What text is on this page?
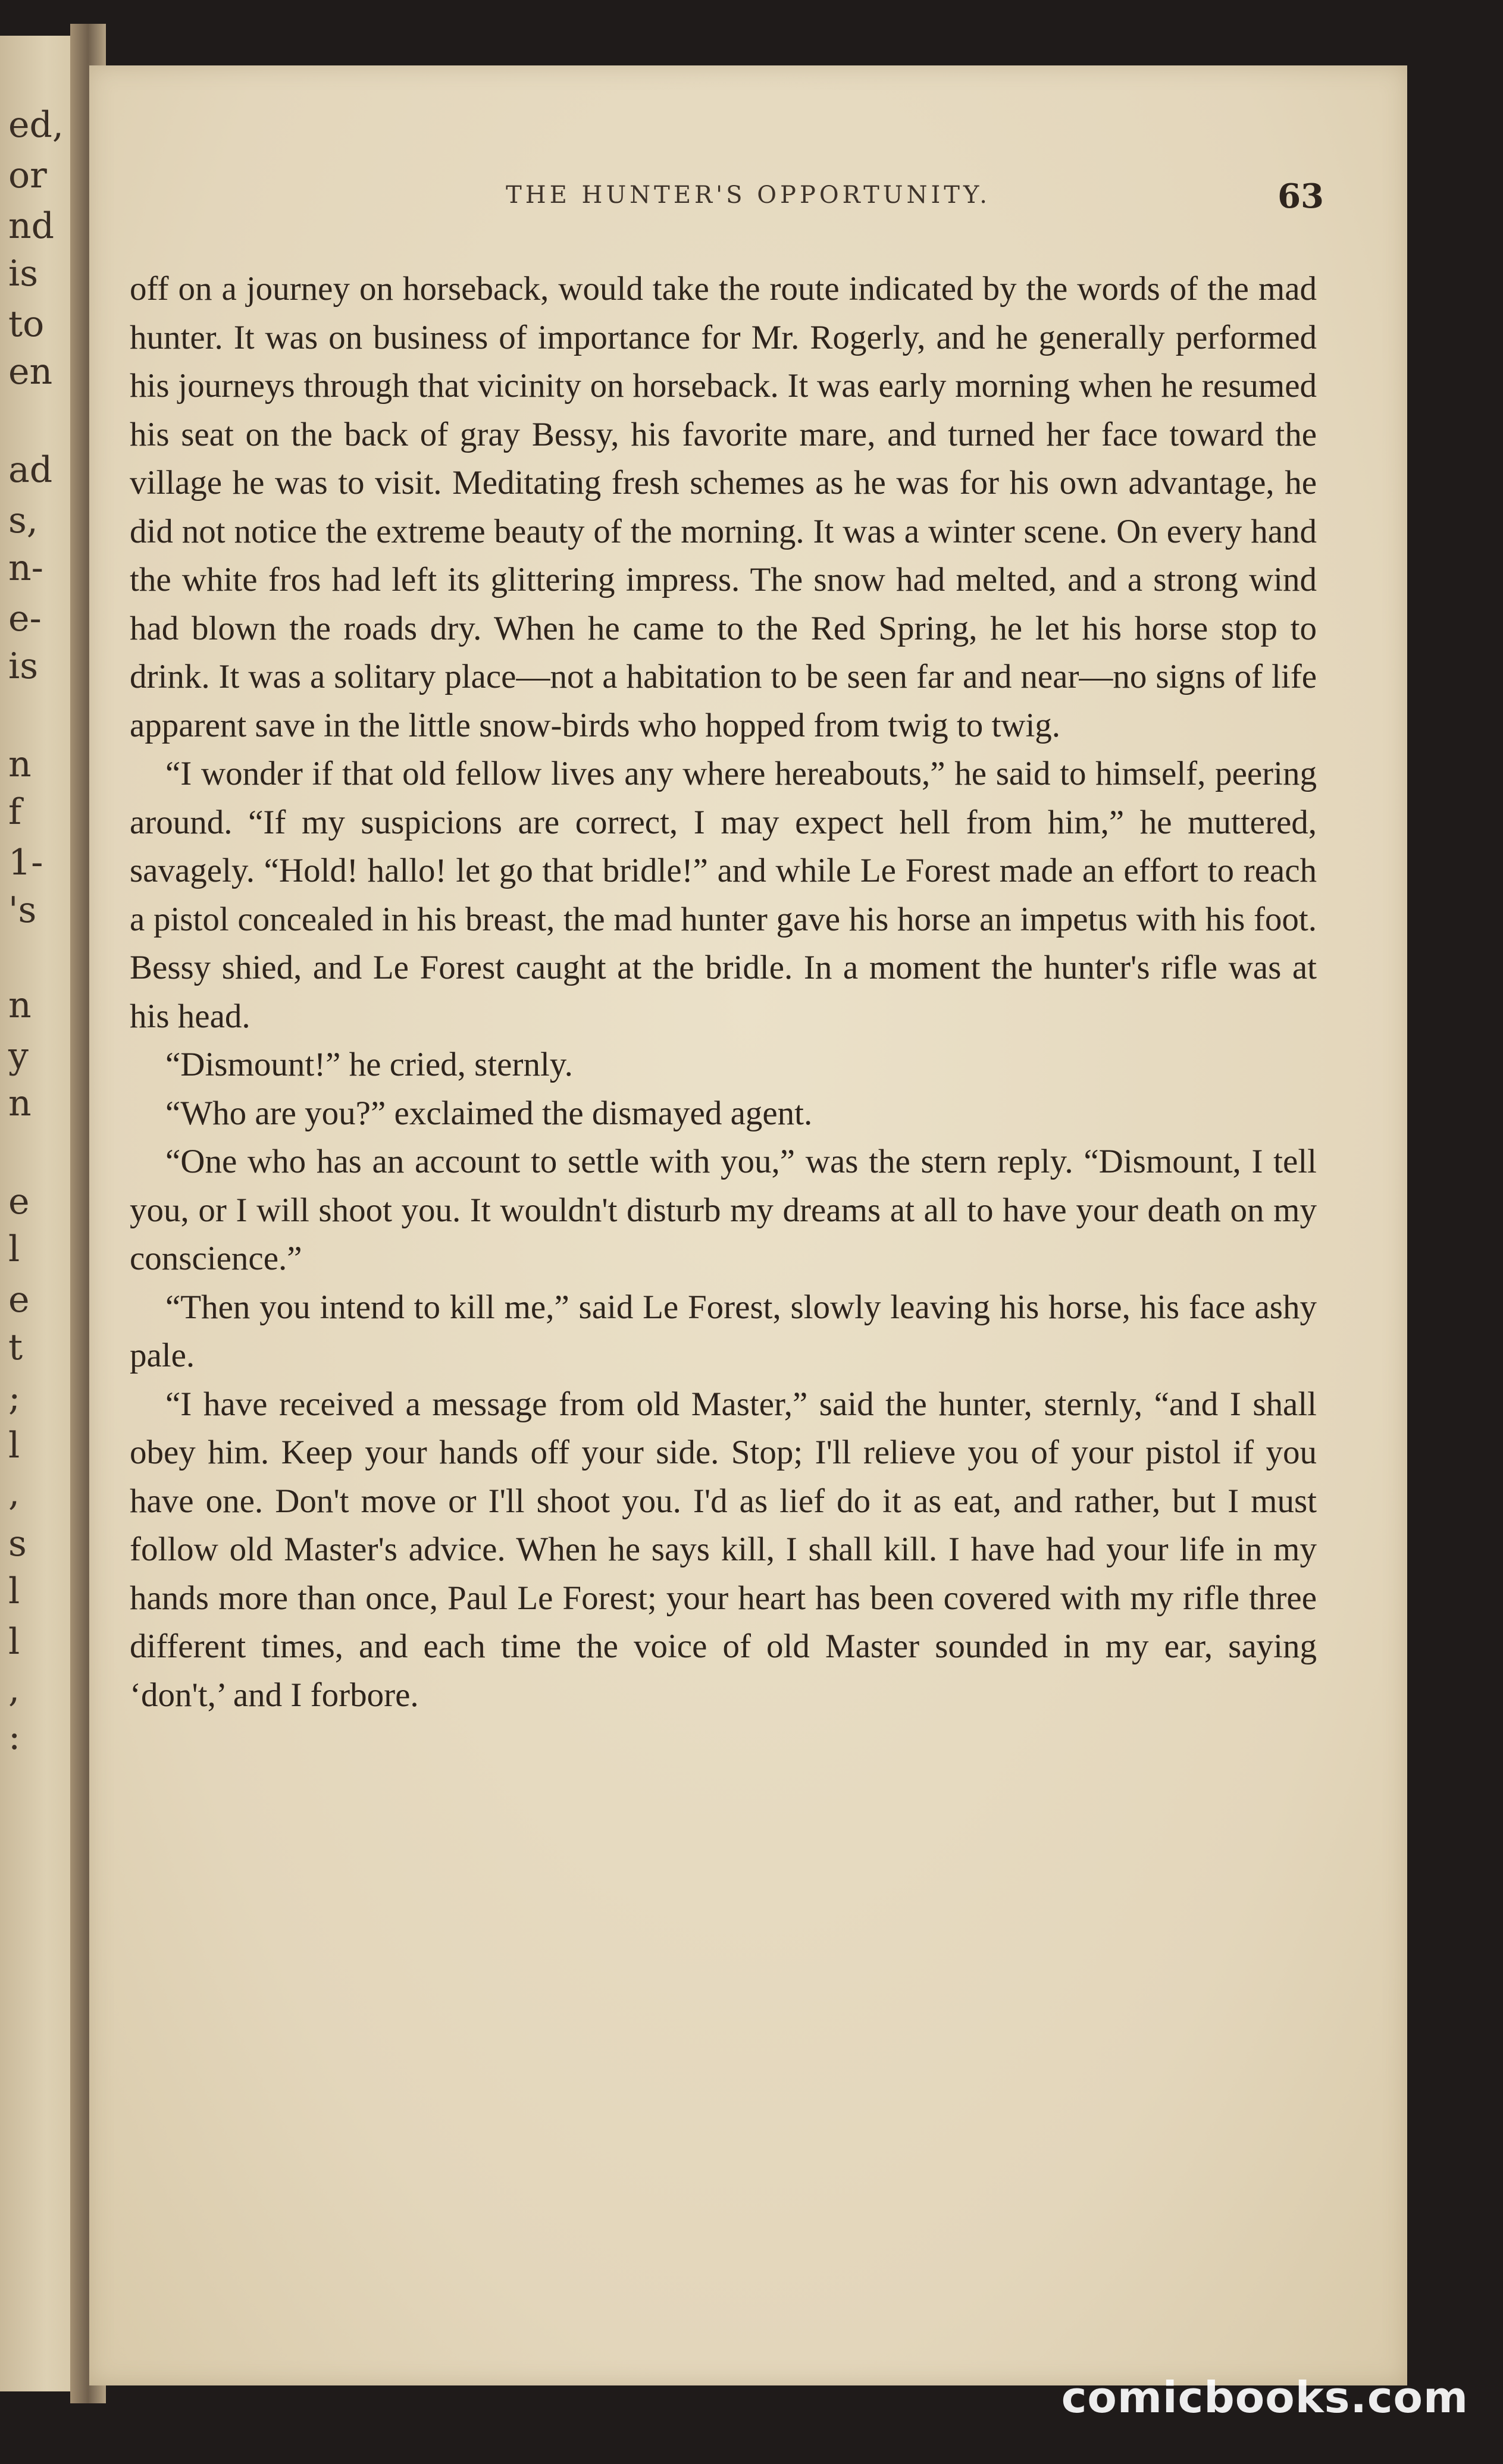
ed,
or
nd
is
to
en
ad
s,
n-
e-
is
n
f
1-
's
n
y
n
e
l
e
t
;
l
,
s
l
l
,
:
THE HUNTER'S OPPORTUNITY.	63

off on a journey on horseback, would take the route indicated by the words of the mad hunter. It was on business of importance for Mr. Rogerly, and he generally performed his journeys through that vicinity on horseback. It was early morning when he resumed his seat on the back of gray Bessy, his favorite mare, and turned her face toward the village he was to visit. Meditating fresh schemes as he was for his own advantage, he did not notice the extreme beauty of the morning. It was a winter scene. On every hand the white fros had left its glittering impress. The snow had melted, and a strong wind had blown the roads dry. When he came to the Red Spring, he let his horse stop to drink. It was a solitary place—not a habitation to be seen far and near—no signs of life apparent save in the little snow-birds who hopped from twig to twig.

“I wonder if that old fellow lives any where hereabouts,” he said to himself, peering around. “If my suspicions are correct, I may expect hell from him,” he muttered, savagely. “Hold! hallo! let go that bridle!” and while Le Forest made an effort to reach a pistol concealed in his breast, the mad hunter gave his horse an impetus with his foot. Bessy shied, and Le Forest caught at the bridle. In a moment the hunter's rifle was at his head.

“Dismount!” he cried, sternly.

“Who are you?” exclaimed the dismayed agent.

“One who has an account to settle with you,” was the stern reply. “Dismount, I tell you, or I will shoot you. It wouldn't disturb my dreams at all to have your death on my conscience.”

“Then you intend to kill me,” said Le Forest, slowly leaving his horse, his face ashy pale.

“I have received a message from old Master,” said the hunter, sternly, “and I shall obey him. Keep your hands off your side. Stop; I'll relieve you of your pistol if you have one. Don't move or I'll shoot you. I'd as lief do it as eat, and rather, but I must follow old Master's advice. When he says kill, I shall kill. I have had your life in my hands more than once, Paul Le Forest; your heart has been covered with my rifle three different times, and each time the voice of old Master sounded in my ear, saying ‘don't,’ and I forbore.

comicbooks.com
